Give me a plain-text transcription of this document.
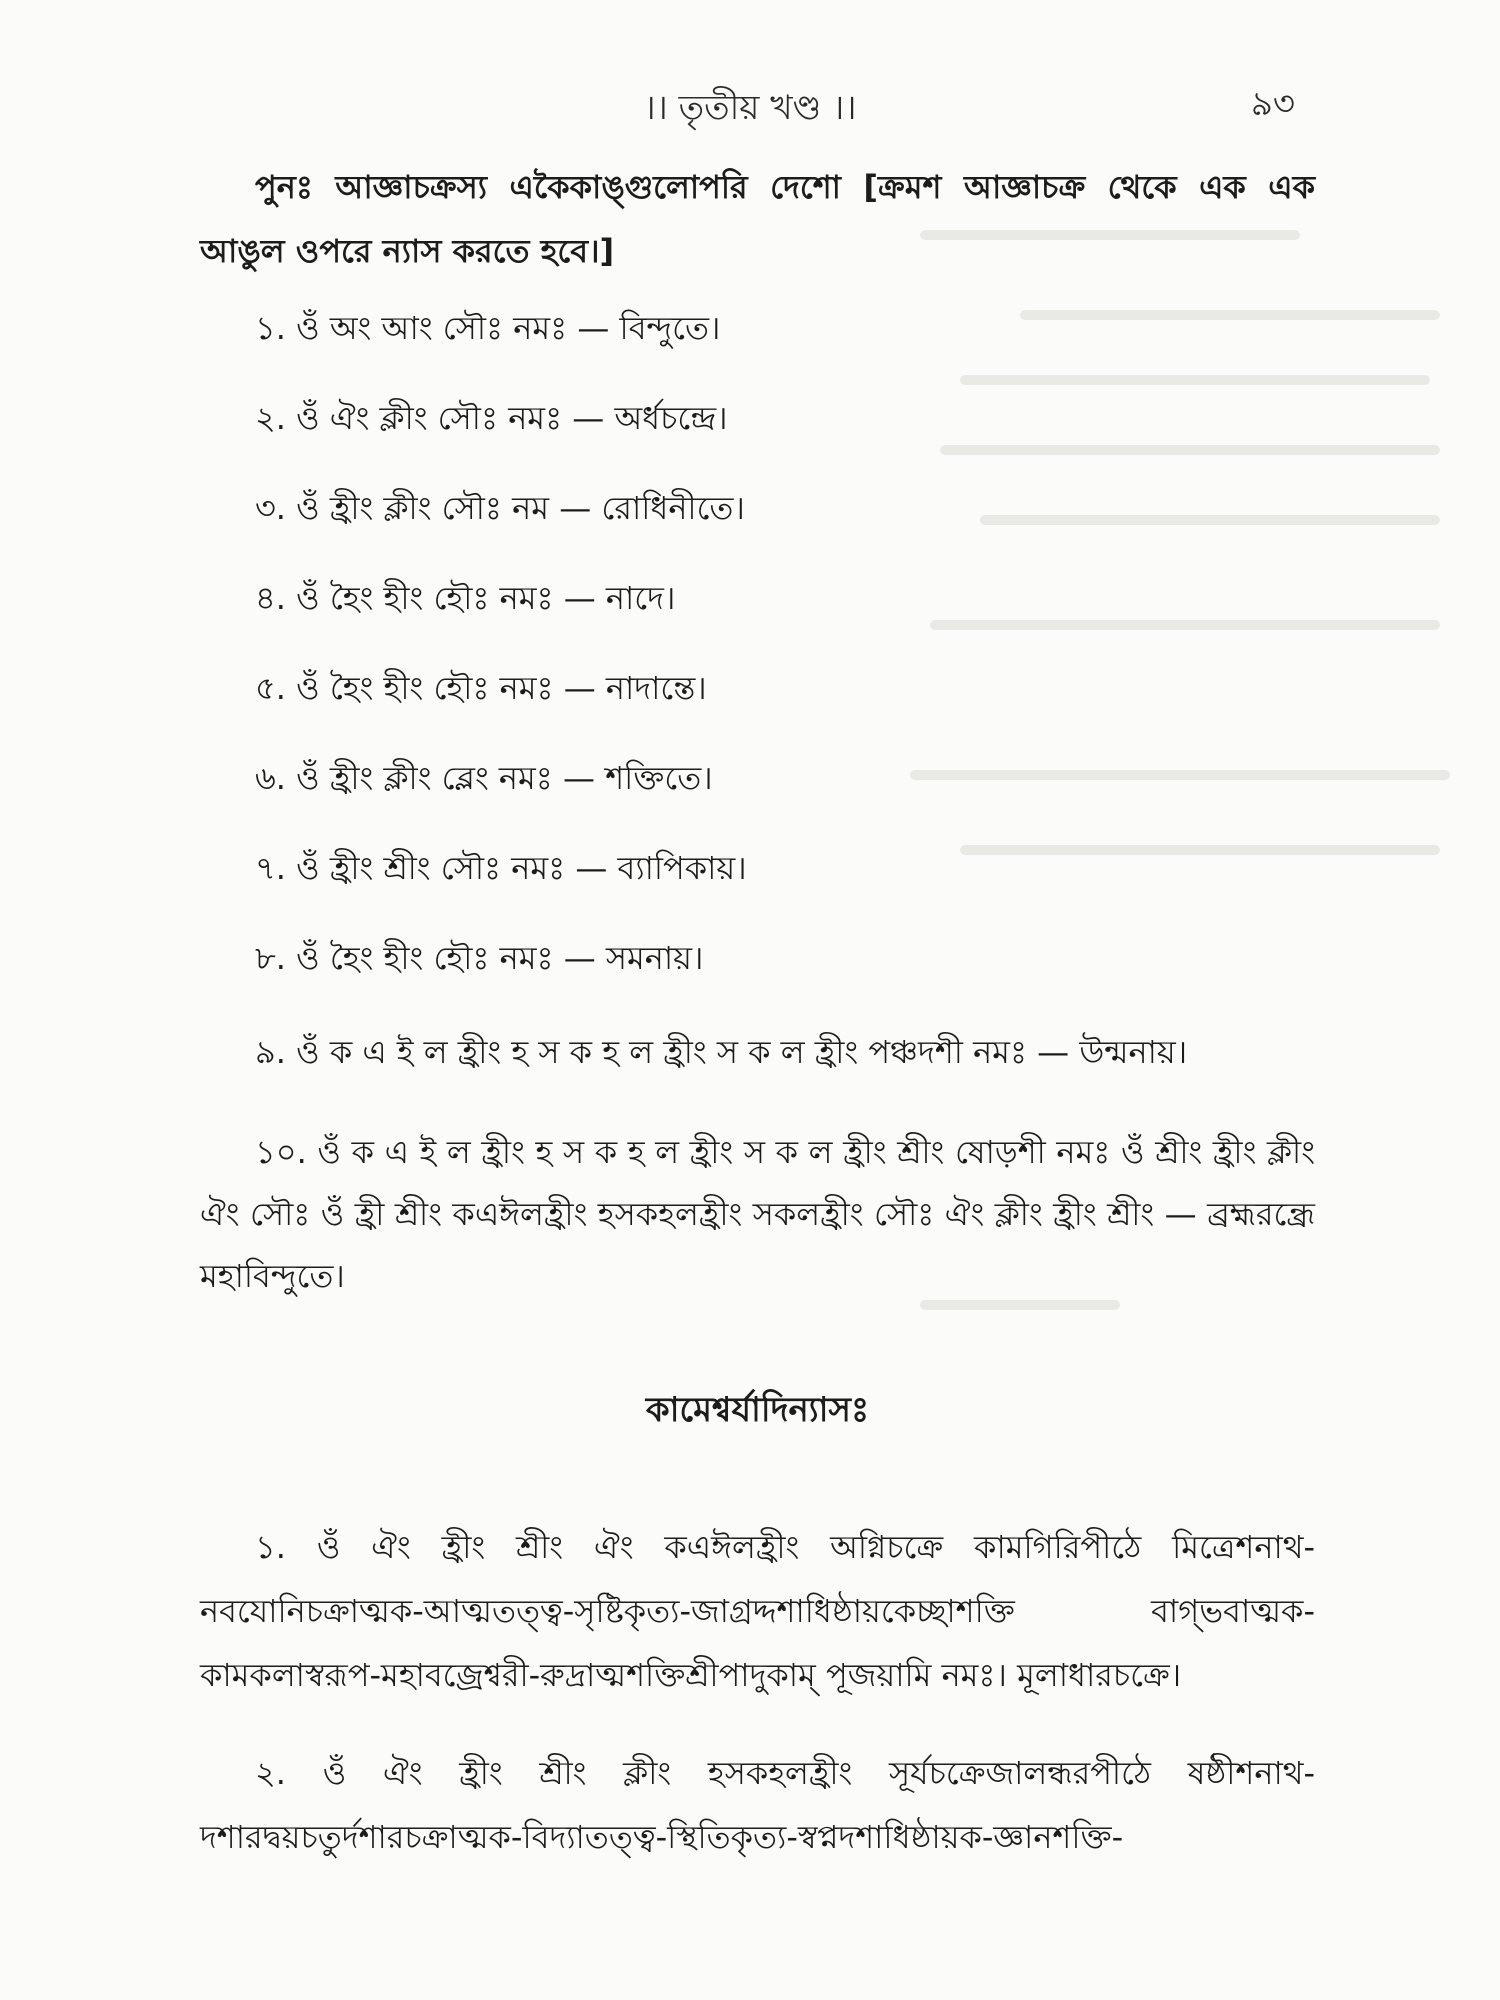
।। তৃতীয় খণ্ড ।।	৯৩

পুনঃ আজ্ঞাচক্রস্য একৈকাঙ্গুলোপরি দেশো [ক্রমশ আজ্ঞাচক্র থেকে এক এক আঙুল ওপরে ন্যাস করতে হবে।]

১. ওঁ অং আং সৌঃ নমঃ — বিন্দুতে।
২. ওঁ ঐং ক্লীং সৌঃ নমঃ — অর্ধচন্দ্রে।
৩. ওঁ হ্রীং ক্লীং সৌঃ নম — রোধিনীতে।
৪. ওঁ হৈং হীং হৌঃ নমঃ — নাদে।
৫. ওঁ হৈং হীং হৌঃ নমঃ — নাদান্তে।
৬. ওঁ হ্রীং ক্লীং ব্লেং নমঃ — শক্তিতে।
৭. ওঁ হ্রীং শ্রীং সৌঃ নমঃ — ব্যাপিকায়।
৮. ওঁ হৈং হীং হৌঃ নমঃ — সমনায়।

৯. ওঁ ক এ ই ল হ্রীং হ স ক হ ল হ্রীং স ক ল হ্রীং পঞ্চদশী নমঃ — উন্মনায়।

১০. ওঁ ক এ ই ল হ্রীং হ স ক হ ল হ্রীং স ক ল হ্রীং শ্রীং ষোড়শী নমঃ ওঁ শ্রীং হ্রীং ক্লীং ঐং সৌঃ ওঁ হ্রী শ্রীং কএঈলহ্রীং হসকহলহ্রীং সকলহ্রীং সৌঃ ঐং ক্লীং হ্রীং শ্রীং — ব্রহ্মরন্ধ্রে মহাবিন্দুতে।

কামেশ্বর্যাদিন্যাসঃ

১. ওঁ ঐং হ্রীং শ্রীং ঐং কএঈলহ্রীং অগ্নিচক্রে কামগিরিপীঠে মিত্রেশনাথ-নবযোনিচক্রাত্মক-আত্মতত্ত্ব-সৃষ্টিকৃত্য-জাগ্রদ্দশাধিষ্ঠায়কেচ্ছাশক্তি বাগ্ভবাত্মক-কামকলাস্বরূপ-মহাবজ্রেশ্বরী-রুদ্রাত্মশক্তিশ্রীপাদুকাম্ পূজয়ামি নমঃ। মূলাধারচক্রে।

২. ওঁ ঐং হ্রীং শ্রীং ক্লীং হসকহলহ্রীং সূর্যচক্রেজালন্ধরপীঠে ষষ্ঠীশনাথ-দশারদ্বয়চতুর্দশারচক্রাত্মক-বিদ্যাতত্ত্ব-স্থিতিকৃত্য-স্বপ্নদশাধিষ্ঠায়ক-জ্ঞানশক্তি-
